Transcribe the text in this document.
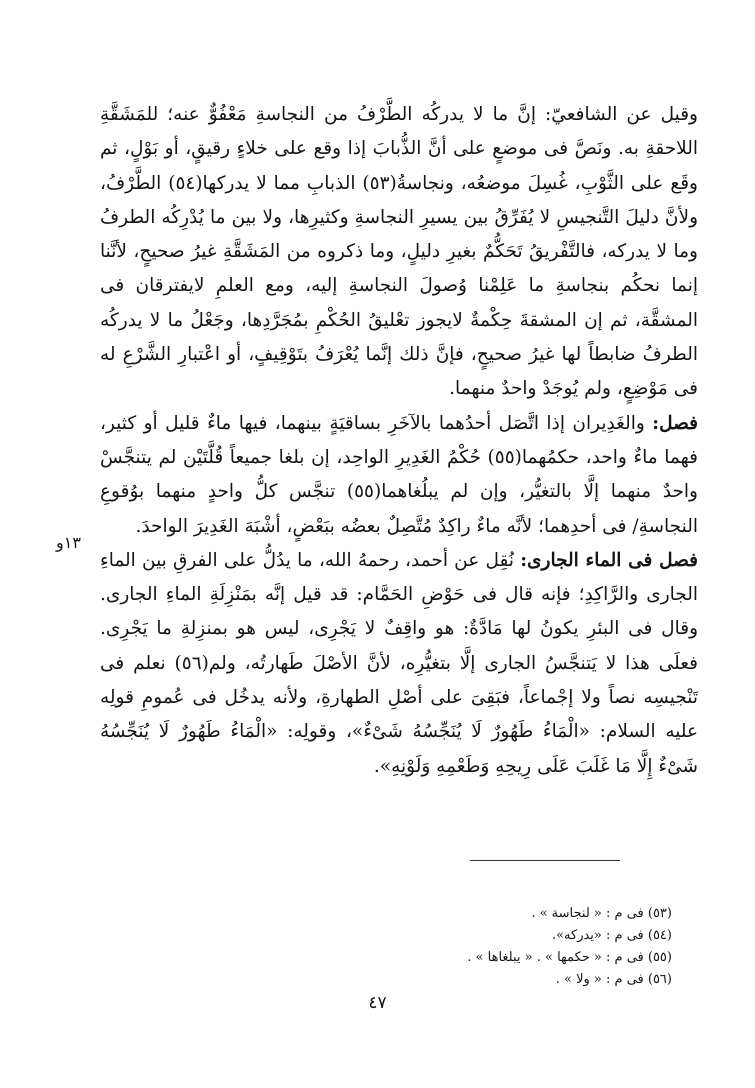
وقيل عن الشافعيّ: إنَّ ما لا يدركُه الطَّرْفُ من النجاسةِ مَعْفُوٌّ عنه؛ للمَشَقَّةِ اللاحقةِ به. ونَصَّ فى موضعٍ على أنَّ الذُّبابَ إذا وقع على خلاءٍ رقيقٍ، أو بَوْلٍ، ثم وقَع على الثَّوْبِ، غُسِلَ موضعُه، ونجاسةُ(٥٣) الذبابِ مما لا يدركها(٥٤) الطَّرْفُ، ولأنَّ دليلَ التَّنجيسِ لا يُفَرِّقُ بين يسيرِ النجاسةِ وكثيرِها، ولا بين ما يُدْرِكُه الطرفُ وما لا يدركه، فالتَّفْريقُ تَحَكُّمٌ بغيرِ دليلٍ، وما ذكروه من المَشَقَّةِ غيرُ صحيحٍ، لأنَّنا إنما نحكُم بنجاسةِ ما عَلِمْنا وُصولَ النجاسةِ إليه، ومع العلمِ لايفترقان فى المشقَّة، ثم إن المشقةَ حِكْمةٌ لايجوز تعْليقُ الحُكْمِ بمُجَرَّدِها، وجَعْلُ ما لا يدركُه الطرفُ ضابطاً لها غيرُ صحيحٍ، فإنَّ ذلك إنَّما يُعْرَفُ بتَوْقِيفٍ، أو اعْتبارِ الشَّرْعِ له فى مَوْضِعٍ، ولم يُوجَدْ واحدٌ منهما.

فصل: والغَدِيران إذا اتَّصَل أحدُهما بالآخَرِ بساقيَةٍ بينهما، فيها ماءٌ قليل أو كثير، فهما ماءٌ واحد، حكمُهما(٥٥) حُكْمُ الغَدِيرِ الواحِد، إن بلغا جميعاً قُلَّتَيْن لم يتنجَّسْ واحدٌ منهما إلَّا بالتغيُّر، وإن لم يبلُغاهما(٥٥) تنجَّس كلُّ واحدٍ منهما بوُقوعِ النجاسةِ/ فى أحدِهما؛ لأنَّه ماءٌ راكِدٌ مُتَّصِلٌ بعضُه ببَعْضٍ، أشْبَهَ الغَدِيرَ الواحدَ.

فصل فى الماء الجارى: نُقِل عن أحمد، رحمهُ الله، ما يدُلُّ على الفرقِ بين الماءِ الجارى والرَّاكِدِ؛ فإنه قال فى حَوْضِ الحَمَّام: قد قيل إنَّه بمَنْزِلَةِ الماءِ الجارى. وقال فى البئرِ يكونُ لها مَادَّةٌ: هو واقِفٌ لا يَجْرِى، ليس هو بمنزِلةِ ما يَجْرِى. فعلَى هذا لا يَتنجَّسُ الجارى إلَّا بتغيُّرِه، لأنَّ الأصْلَ طَهارتُه، ولم(٥٦) نعلم فى تَنْجيسِه نصاً ولا إجْماعاً، فبَقِىَ على أصْلِ الطهارةِ، ولأنه يدخُل فى عُمومِ قولِه عليه السلام: «الْمَاءُ طَهُورٌ لَا يُنَجِّسُهُ شَىْءٌ»، وقولِه: «الْمَاءُ طَهُورٌ لَا يُنَجِّسُهُ شَىْءٌ إِلَّا مَا غَلَبَ عَلَى رِيحِهِ وَطَعْمِهِ وَلَوْنِهِ».

١٣و
(٥٣) فى م : « لنجاسة » .
(٥٤) فى م : «يدركه».
(٥٥) فى م : « حكمها » . « يبلغاها » .
(٥٦) فى م : « ولا » .
٤٧
